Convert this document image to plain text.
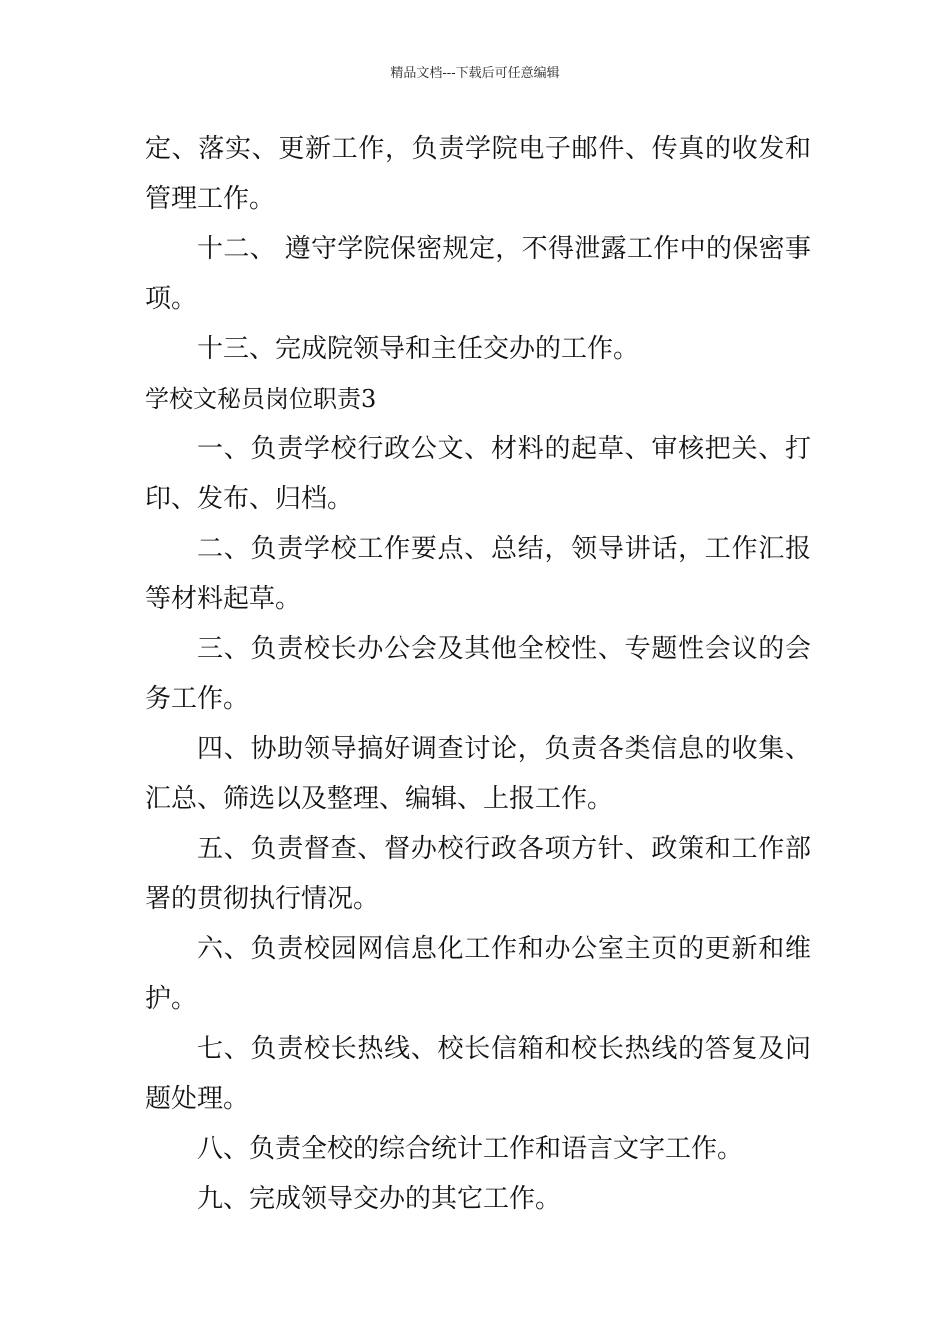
精品文档---下载后可任意编辑

定、落实、更新工作，负责学院电子邮件、传真的收发和管理工作。

十二、 遵守学院保密规定，不得泄露工作中的保密事项。

十三、完成院领导和主任交办的工作。

学校文秘员岗位职责3

一、负责学校行政公文、材料的起草、审核把关、打印、发布、归档。

二、负责学校工作要点、总结，领导讲话，工作汇报等材料起草。

三、负责校长办公会及其他全校性、专题性会议的会务工作。

四、协助领导搞好调查讨论，负责各类信息的收集、汇总、筛选以及整理、编辑、上报工作。

五、负责督查、督办校行政各项方针、政策和工作部署的贯彻执行情况。

六、负责校园网信息化工作和办公室主页的更新和维护。

七、负责校长热线、校长信箱和校长热线的答复及问题处理。

八、负责全校的综合统计工作和语言文字工作。

九、完成领导交办的其它工作。
